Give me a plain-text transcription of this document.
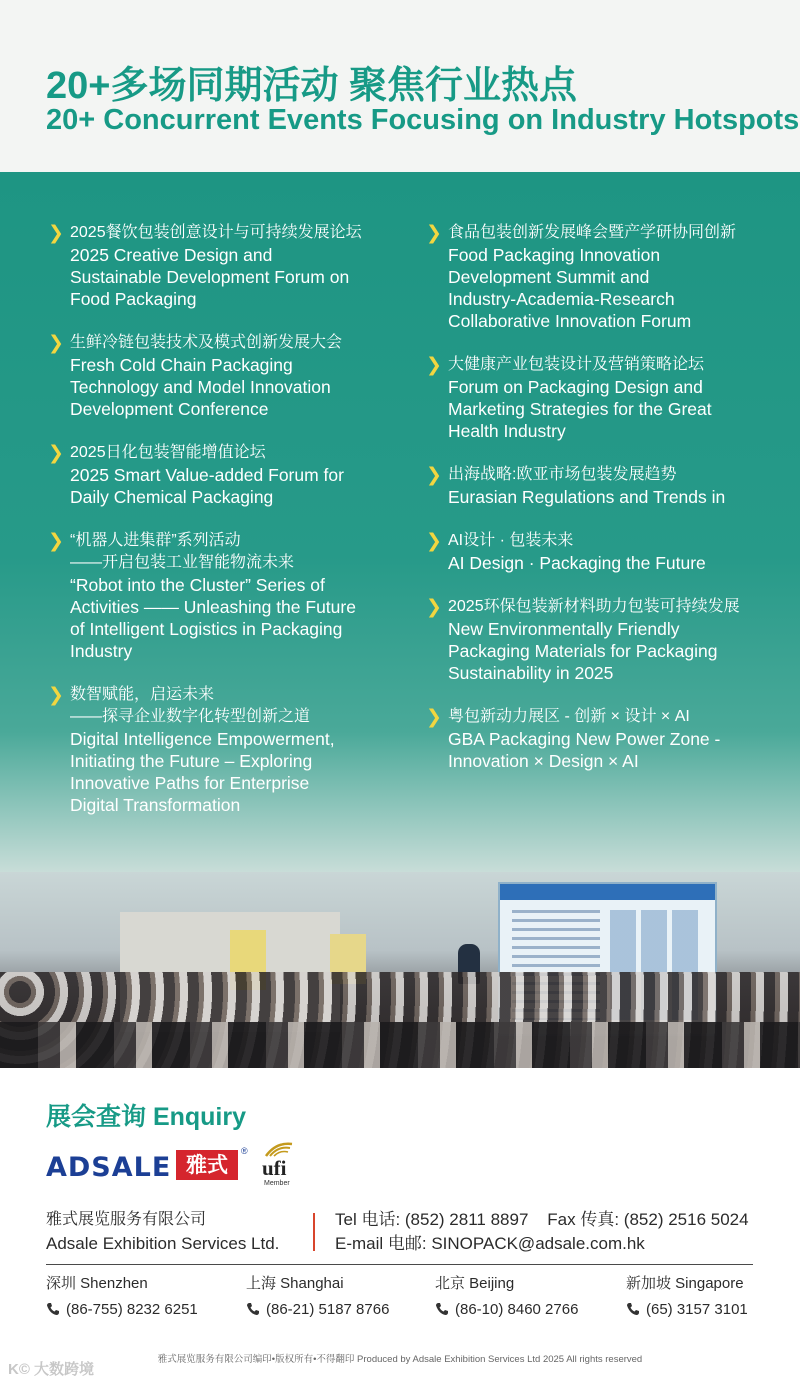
20+多场同期活动 聚焦行业热点
20+ Concurrent Events Focusing on Industry Hotspots
❯ 2025餐饮包装创意设计与可持续发展论坛
2025 Creative Design and
Sustainable Development Forum on
Food Packaging
❯ 生鲜冷链包装技术及模式创新发展大会
Fresh Cold Chain Packaging
Technology and Model Innovation
Development Conference
❯ 2025日化包装智能增值论坛
2025 Smart Value-added Forum for
Daily Chemical Packaging
❯ “机器人进集群”系列活动
——开启包装工业智能物流未来
“Robot into the Cluster” Series of
Activities —— Unleashing the Future
of Intelligent Logistics in Packaging
Industry
❯ 数智赋能，启运未来
——探寻企业数字化转型创新之道
Digital Intelligence Empowerment,
Initiating the Future – Exploring
Innovative Paths for Enterprise
Digital Transformation
❯ 食品包装创新发展峰会暨产学研协同创新
Food Packaging Innovation
Development Summit and
Industry-Academia-Research
Collaborative Innovation Forum
❯ 大健康产业包装设计及营销策略论坛
Forum on Packaging Design and
Marketing Strategies for the Great
Health Industry
❯ 出海战略:欧亚市场包装发展趋势
Eurasian Regulations and Trends in
❯ AI设计 · 包装未来
AI Design · Packaging the Future
❯ 2025环保包装新材料助力包装可持续发展
New Environmentally Friendly
Packaging Materials for Packaging
Sustainability in 2025
❯ 粤包新动力展区 - 创新 × 设计 × AI
GBA Packaging New Power Zone -
Innovation × Design × AI
展会查询 Enquiry
ADSALE 雅式
®
ufi
Member
雅式展览服务有限公司
Adsale Exhibition Services Ltd.
Tel 电话: (852) 2811 8897    Fax 传真: (852) 2516 5024
E-mail 电邮: SINOPACK@adsale.com.hk
深圳 Shenzhen
(86-755) 8232 6251
上海 Shanghai
(86-21) 5187 8766
北京 Beijing
(86-10) 8460 2766
新加坡 Singapore
(65) 3157 3101
雅式展览服务有限公司编印•版权所有•不得翻印 Produced by Adsale Exhibition Services Ltd 2025 All rights reserved
K© 大数跨境
